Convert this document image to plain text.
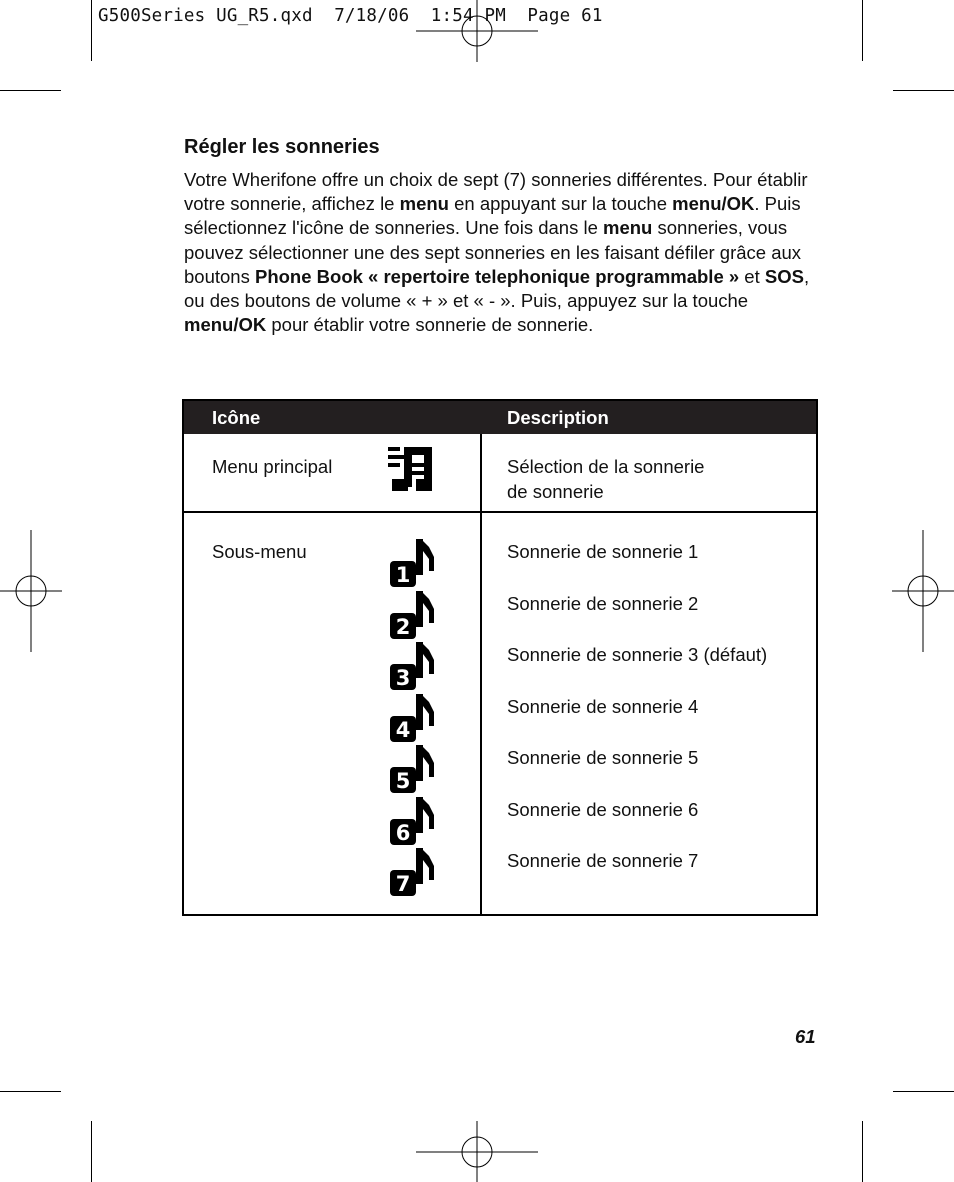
G500Series UG_R5.qxd  7/18/06  1:54 PM  Page 61
Régler les sonneries
Votre Wherifone offre un choix de sept (7) sonneries différentes. Pour établir votre sonnerie, affichez le menu en appuyant sur la touche menu/OK. Puis sélectionnez l'icône de sonneries. Une fois dans le menu sonneries, vous pouvez sélectionner une des sept sonneries en les faisant défiler grâce aux boutons Phone Book « repertoire telephonique programmable » et SOS, ou des boutons de volume « + » et « - ». Puis, appuyez sur la touche menu/OK pour établir votre sonnerie de sonnerie.
Icône	Description
Menu principal	Sélection de la sonnerie
de sonnerie
Sous-menu
1
Sonnerie de sonnerie 1
2
Sonnerie de sonnerie 2
3
Sonnerie de sonnerie 3 (défaut)
4
Sonnerie de sonnerie 4
5
Sonnerie de sonnerie 5
6
Sonnerie de sonnerie 6
7
Sonnerie de sonnerie 7
61
